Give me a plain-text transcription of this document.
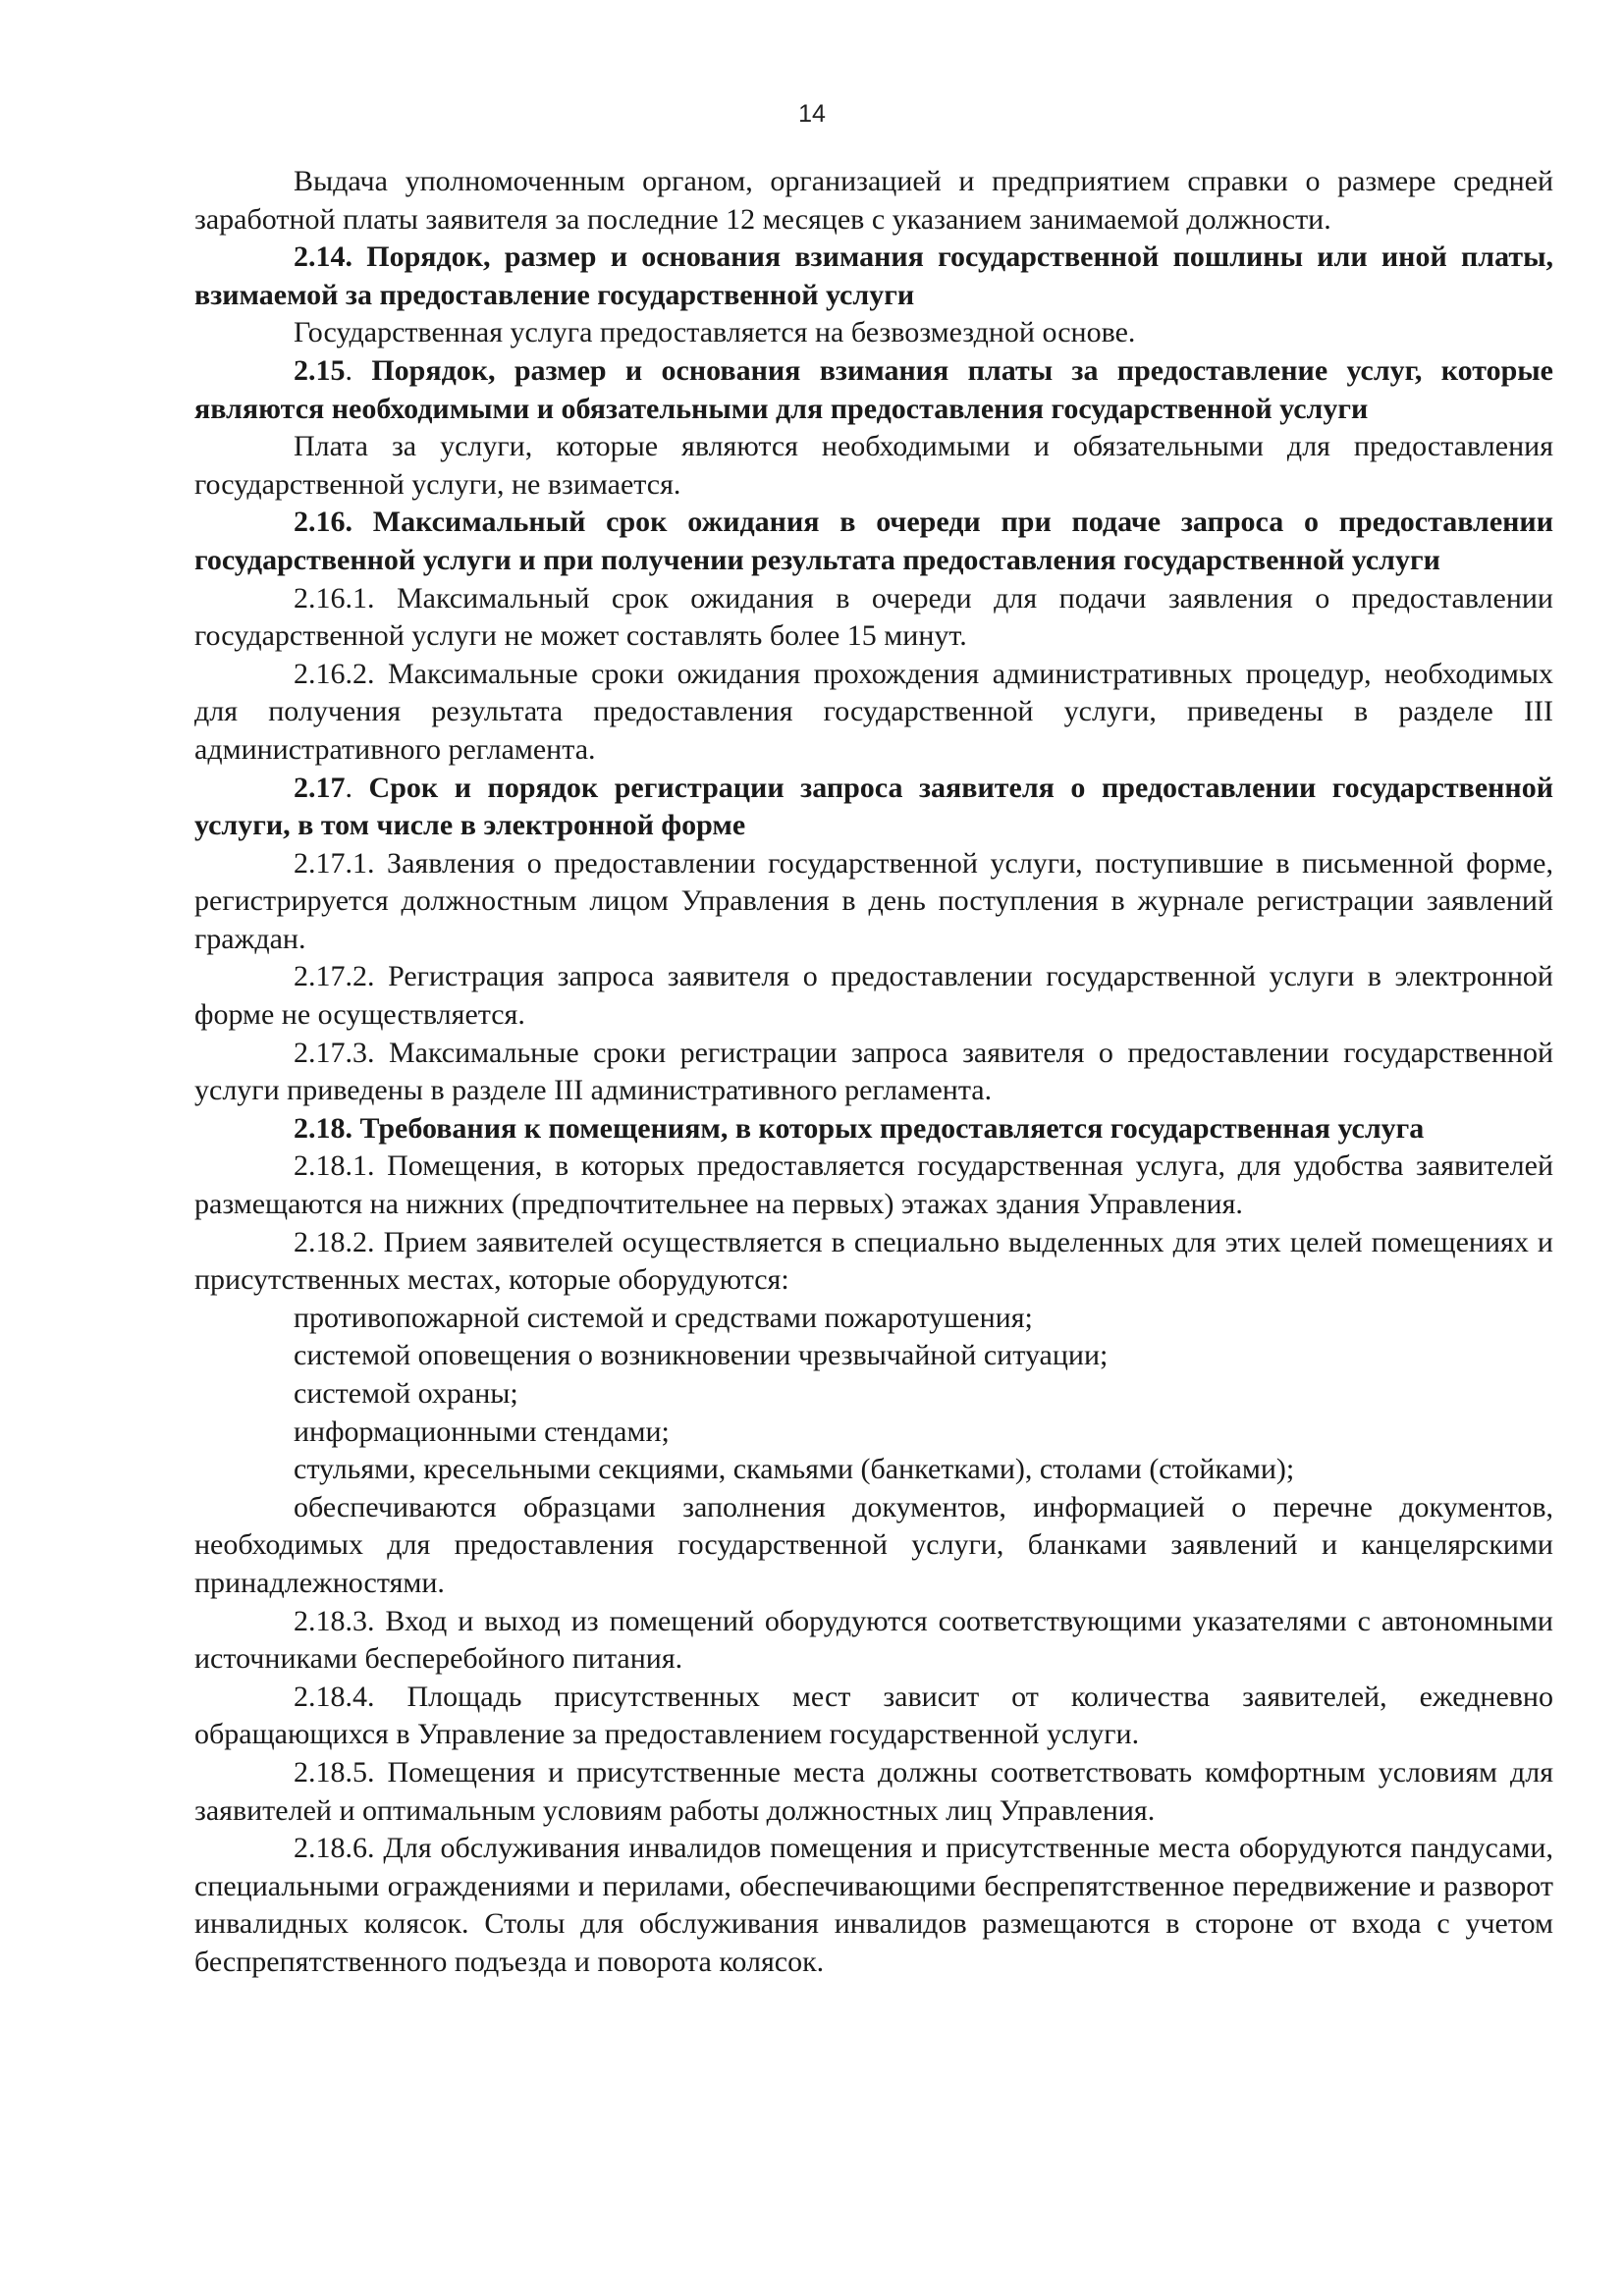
14

Выдача уполномоченным органом, организацией и предприятием справки о размере средней заработной платы заявителя за последние 12 месяцев с указанием занимаемой должности.

2.14. Порядок, размер и основания взимания государственной пошлины или иной платы, взимаемой за предоставление государственной услуги

Государственная услуга предоставляется на безвозмездной основе.

2.15. Порядок, размер и основания взимания платы за предоставление услуг, которые являются необходимыми и обязательными для предоставления государственной услуги

Плата за услуги, которые являются необходимыми и обязательными для предоставления государственной услуги, не взимается.

2.16. Максимальный срок ожидания в очереди при подаче запроса о предоставлении государственной услуги и при получении результата предоставления государственной услуги

2.16.1. Максимальный срок ожидания в очереди для подачи заявления о предоставлении государственной услуги не может составлять более 15 минут.

2.16.2. Максимальные сроки ожидания прохождения административных процедур, необходимых для получения результата предоставления государственной услуги, приведены в разделе III административного регламента.

2.17. Срок и порядок регистрации запроса заявителя о предоставлении государственной услуги, в том числе в электронной форме

2.17.1. Заявления о предоставлении государственной услуги, поступившие в письменной форме, регистрируется должностным лицом Управления в день поступления в журнале регистрации заявлений граждан.

2.17.2. Регистрация запроса заявителя о предоставлении государственной услуги в электронной форме не осуществляется.

2.17.3. Максимальные сроки регистрации запроса заявителя о предоставлении государственной услуги приведены в разделе III административного регламента.

2.18. Требования к помещениям, в которых предоставляется государственная услуга

2.18.1. Помещения, в которых предоставляется государственная услуга, для удобства заявителей размещаются на нижних (предпочтительнее на первых) этажах здания Управления.

2.18.2. Прием заявителей осуществляется в специально выделенных для этих целей помещениях и присутственных местах, которые оборудуются:

противопожарной системой и средствами пожаротушения;

системой оповещения о возникновении чрезвычайной ситуации;

системой охраны;

информационными стендами;

стульями, кресельными секциями, скамьями (банкетками), столами (стойками);

обеспечиваются образцами заполнения документов, информацией о перечне документов, необходимых для предоставления государственной услуги, бланками заявлений и канцелярскими принадлежностями.

2.18.3. Вход и выход из помещений оборудуются соответствующими указателями с автономными источниками бесперебойного питания.

2.18.4. Площадь присутственных мест зависит от количества заявителей, ежедневно обращающихся в Управление за предоставлением государственной услуги.

2.18.5. Помещения и присутственные места должны соответствовать комфортным условиям для заявителей и оптимальным условиям работы должностных лиц Управления.

2.18.6. Для обслуживания инвалидов помещения и присутственные места оборудуются пандусами, специальными ограждениями и перилами, обеспечивающими беспрепятственное передвижение и разворот инвалидных колясок. Столы для обслуживания инвалидов размещаются в стороне от входа с учетом беспрепятственного подъезда и поворота колясок.
